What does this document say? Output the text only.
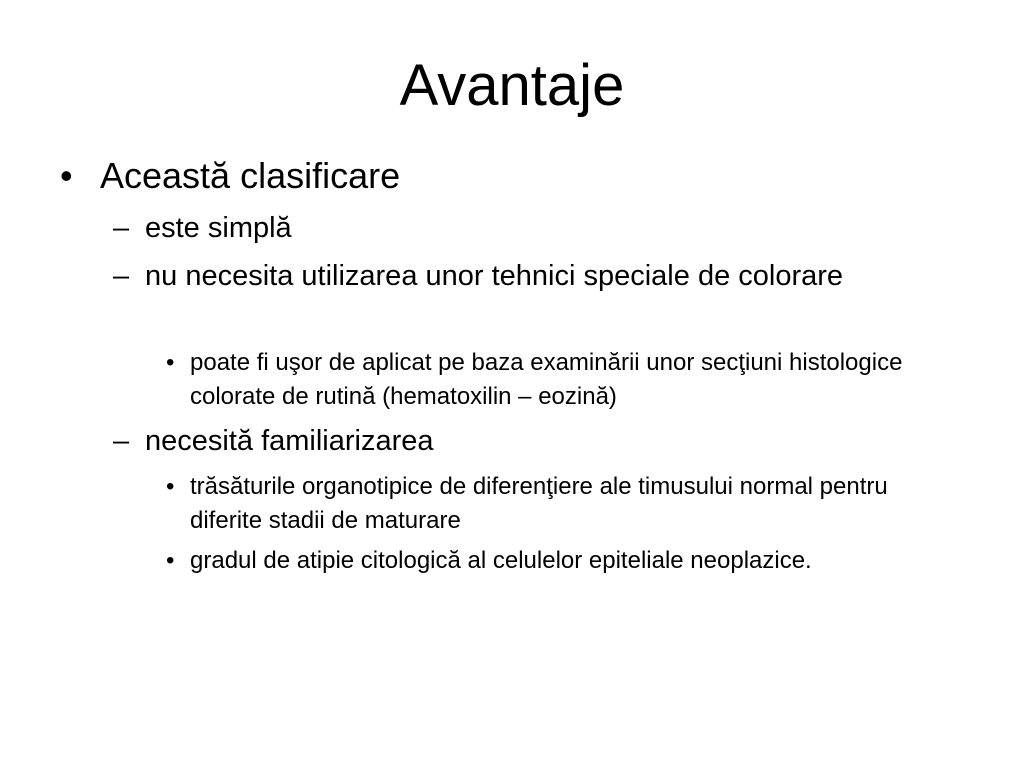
Avantaje
• Această clasificare
– este simplă
– nu necesita utilizarea unor tehnici speciale de colorare
• poate fi uşor de aplicat pe baza examinării unor secţiuni histologice colorate de rutină (hematoxilin – eozină)
– necesită familiarizarea
• trăsăturile organotipice de diferenţiere ale timusului normal pentru diferite stadii de maturare
• gradul de atipie citologică al celulelor epiteliale neoplazice.
